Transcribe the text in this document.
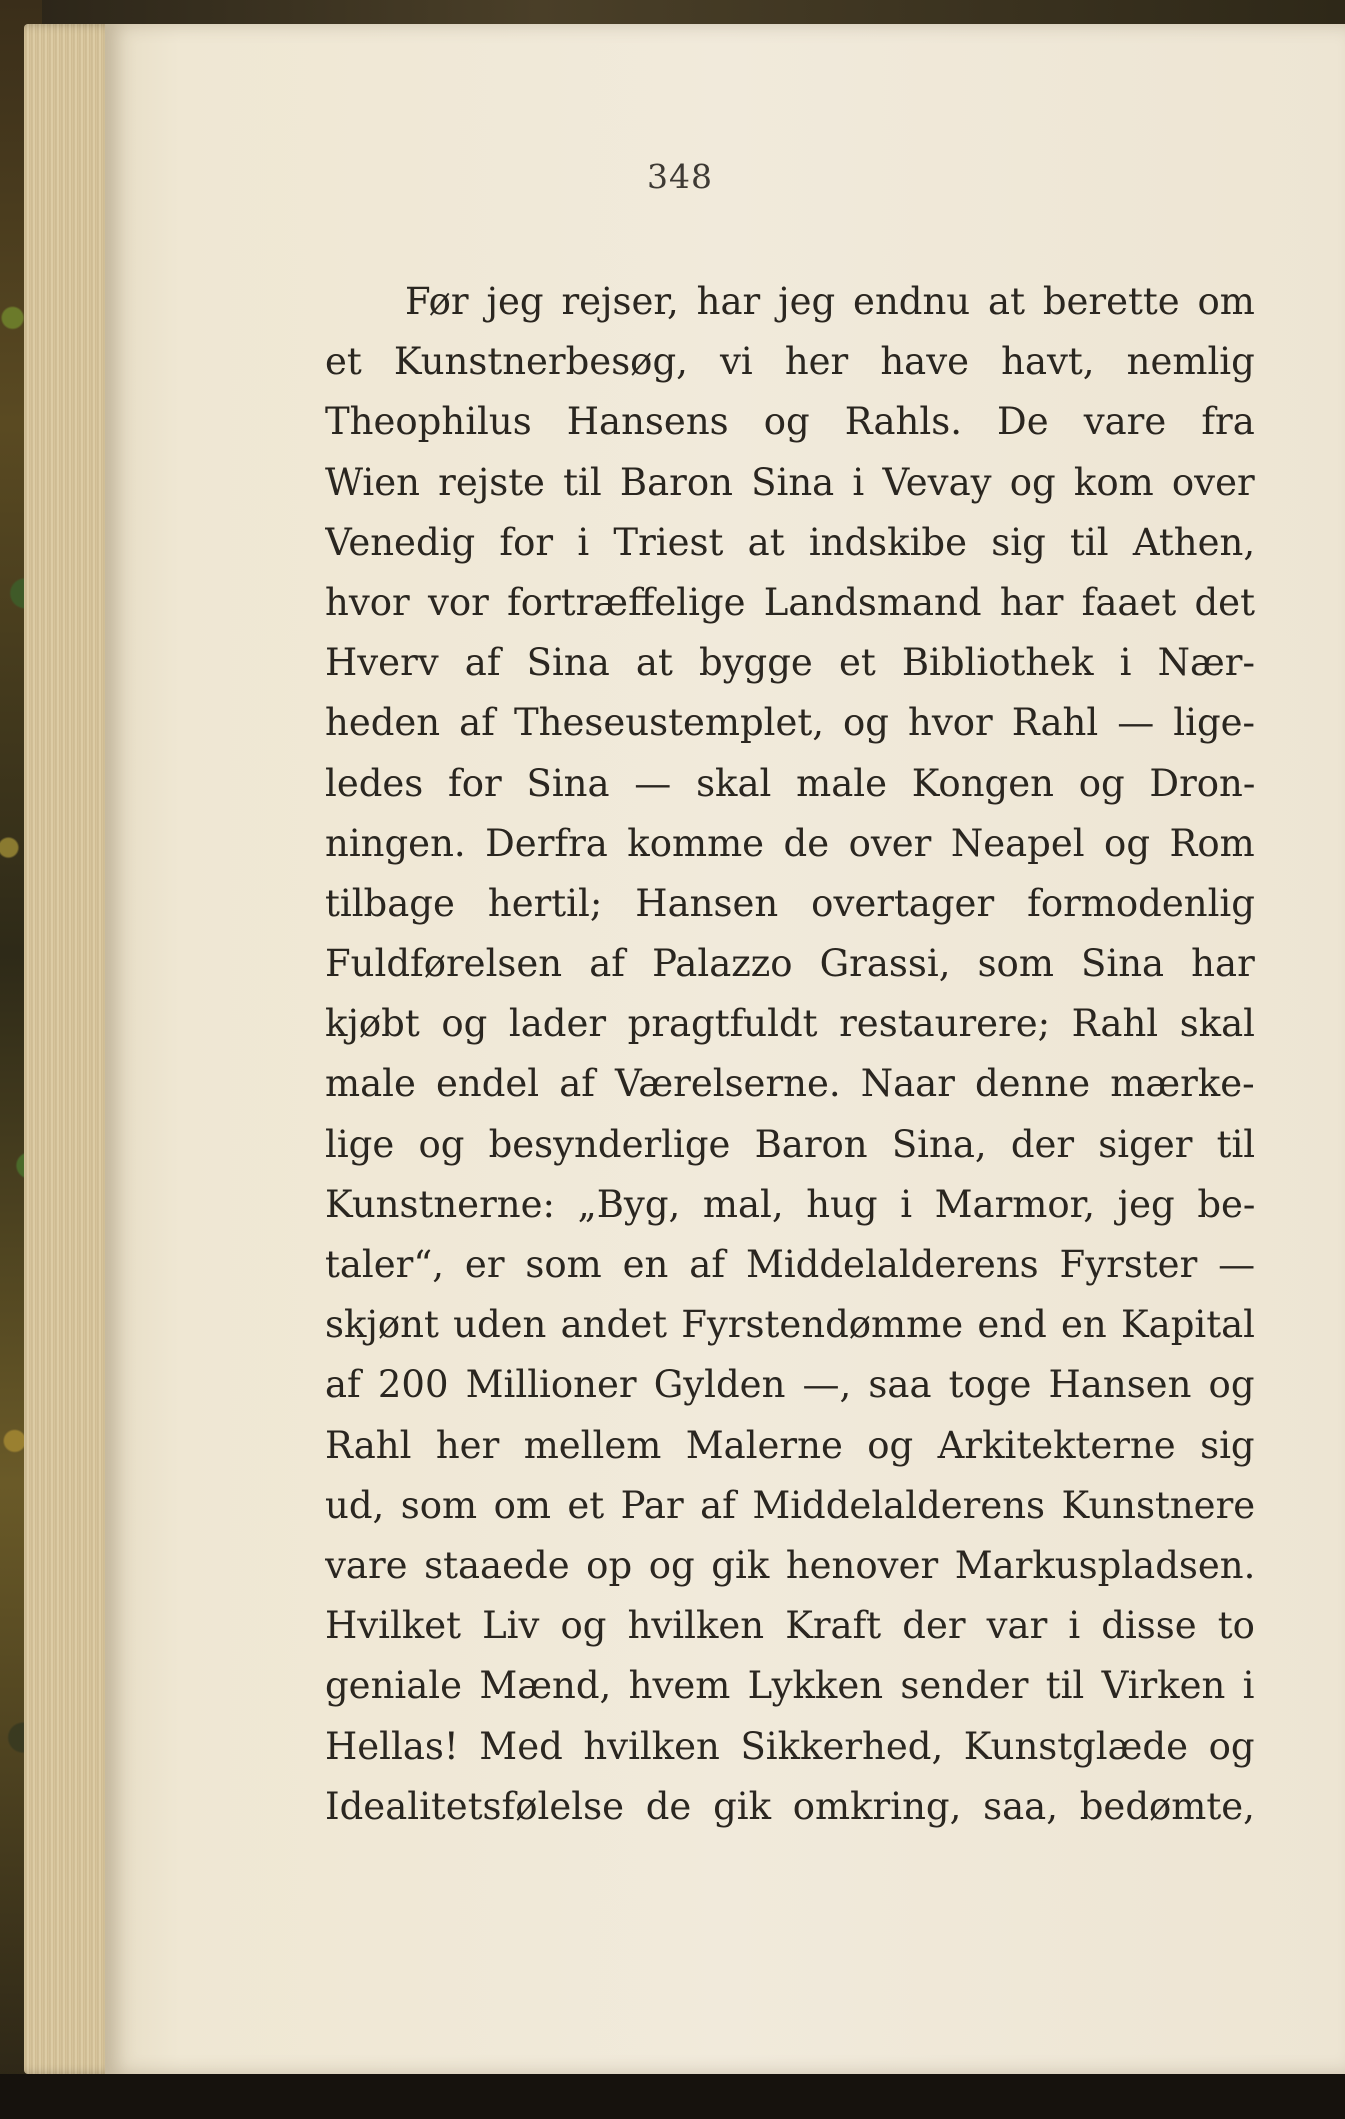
348
Før jeg rejser, har jeg endnu at berette om
et Kunstnerbesøg, vi her have havt, nemlig
Theophilus Hansens og Rahls. De vare fra
Wien rejste til Baron Sina i Vevay og kom over
Venedig for i Triest at indskibe sig til Athen,
hvor vor fortræffelige Landsmand har faaet det
Hverv af Sina at bygge et Bibliothek i Nær-
heden af Theseustemplet, og hvor Rahl — lige-
ledes for Sina — skal male Kongen og Dron-
ningen. Derfra komme de over Neapel og Rom
tilbage hertil; Hansen overtager formodenlig
Fuldførelsen af Palazzo Grassi, som Sina har
kjøbt og lader pragtfuldt restaurere; Rahl skal
male endel af Værelserne. Naar denne mærke-
lige og besynderlige Baron Sina, der siger til
Kunstnerne: „Byg, mal, hug i Marmor, jeg be-
taler“, er som en af Middelalderens Fyrster —
skjønt uden andet Fyrstendømme end en Kapital
af 200 Millioner Gylden —, saa toge Hansen og
Rahl her mellem Malerne og Arkitekterne sig
ud, som om et Par af Middelalderens Kunstnere
vare staaede op og gik henover Markuspladsen.
Hvilket Liv og hvilken Kraft der var i disse to
geniale Mænd, hvem Lykken sender til Virken i
Hellas! Med hvilken Sikkerhed, Kunstglæde og
Idealitetsfølelse de gik omkring, saa, bedømte,
